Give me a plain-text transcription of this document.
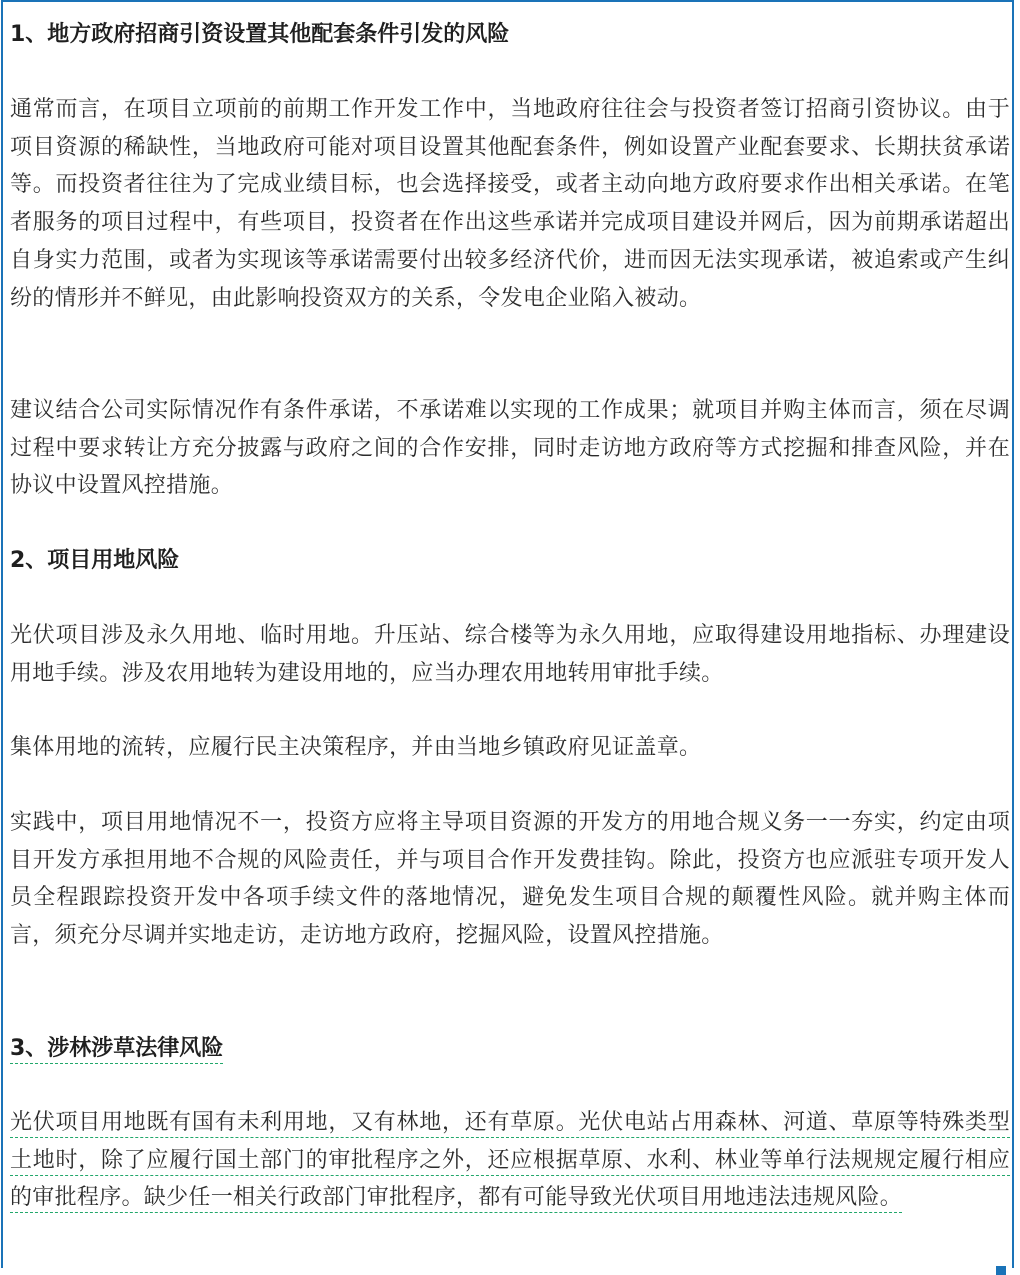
1、地方政府招商引资设置其他配套条件引发的风险
通常而言，在项目立项前的前期工作开发工作中，当地政府往往会与投资者签订招商引资协议。由于项目资源的稀缺性，当地政府可能对项目设置其他配套条件，例如设置产业配套要求、长期扶贫承诺等。而投资者往往为了完成业绩目标，也会选择接受，或者主动向地方政府要求作出相关承诺。在笔者服务的项目过程中，有些项目，投资者在作出这些承诺并完成项目建设并网后，因为前期承诺超出自身实力范围，或者为实现该等承诺需要付出较多经济代价，进而因无法实现承诺，被追索或产生纠纷的情形并不鲜见，由此影响投资双方的关系，令发电企业陷入被动。
建议结合公司实际情况作有条件承诺，不承诺难以实现的工作成果；就项目并购主体而言，须在尽调过程中要求转让方充分披露与政府之间的合作安排，同时走访地方政府等方式挖掘和排查风险，并在协议中设置风控措施。
2、项目用地风险
光伏项目涉及永久用地、临时用地。升压站、综合楼等为永久用地，应取得建设用地指标、办理建设用地手续。涉及农用地转为建设用地的，应当办理农用地转用审批手续。
集体用地的流转，应履行民主决策程序，并由当地乡镇政府见证盖章。
实践中，项目用地情况不一，投资方应将主导项目资源的开发方的用地合规义务一一夯实，约定由项目开发方承担用地不合规的风险责任，并与项目合作开发费挂钩。除此，投资方也应派驻专项开发人员全程跟踪投资开发中各项手续文件的落地情况，避免发生项目合规的颠覆性风险。就并购主体而言，须充分尽调并实地走访，走访地方政府，挖掘风险，设置风控措施。
3、涉林涉草法律风险
光伏项目用地既有国有未利用地，又有林地，还有草原。光伏电站占用森林、河道、草原等特殊类型土地时，除了应履行国土部门的审批程序之外，还应根据草原、水利、林业等单行法规规定履行相应的审批程序。缺少任一相关行政部门审批程序，都有可能导致光伏项目用地违法违规风险。
